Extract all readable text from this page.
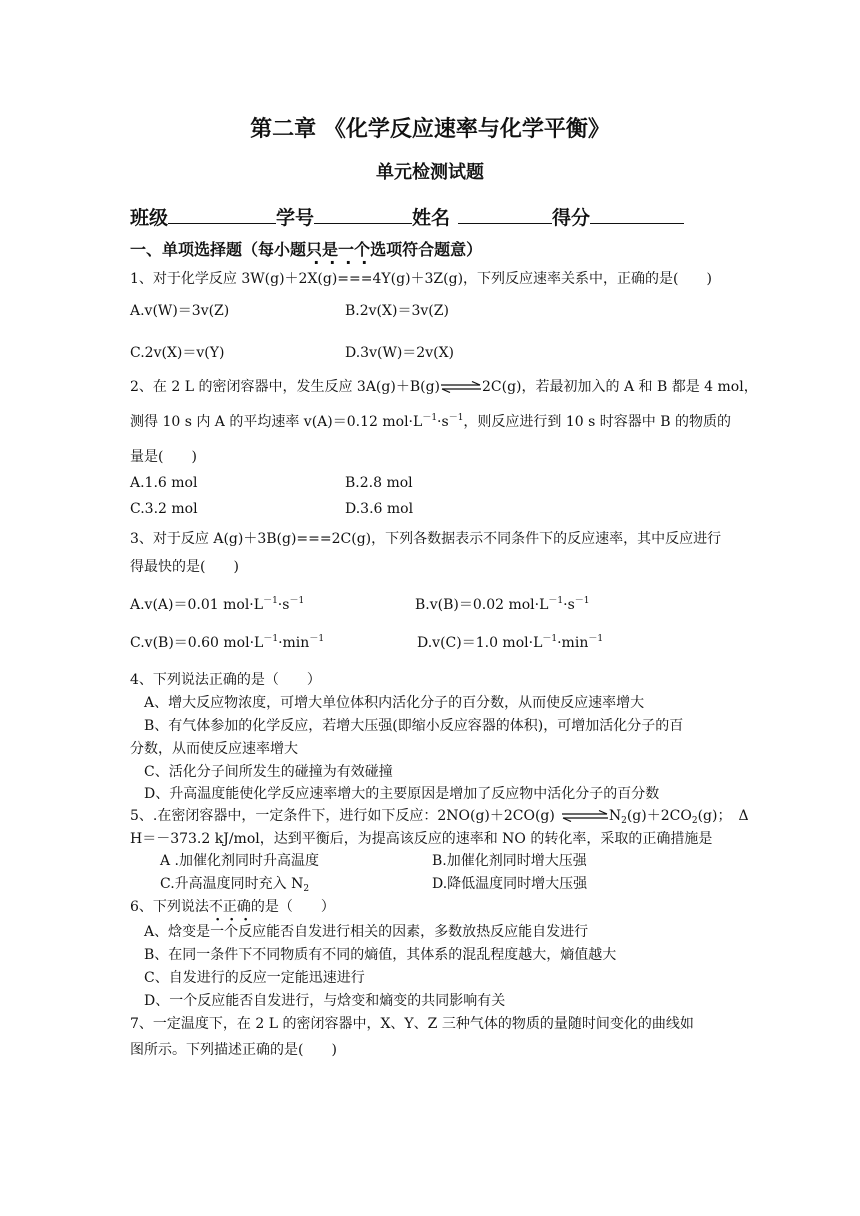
第二章 《化学反应速率与化学平衡》
单元检测试题
班级	学号	姓名	得分
一、单项选择题（每小题只是一个选项符合题意）
1、对于化学反应 3W(g)＋2X(g)===4Y(g)＋3Z(g)，下列反应速率关系中，正确的是(　　)
A.v(W)＝3v(Z)	B.2v(X)＝3v(Z)
C.2v(X)＝v(Y)	D.3v(W)＝2v(X)
2、在 2 L 的密闭容器中，发生反应 3A(g)＋B(g)⇌2C(g)，若最初加入的 A 和 B 都是 4 mol，
测得 10 s 内 A 的平均速率 v(A)＝0.12 $mol\cdot L^{-1}\cdot s^{-1}$，则反应进行到 10 s 时容器中 B 的物质的
量是(　　)
A.1.6 mol	B.2.8 mol
C.3.2 mol	D.3.6 mol
3、对于反应 A(g)＋3B(g)===2C(g)，下列各数据表示不同条件下的反应速率，其中反应进行
得最快的是(　　)
A.v(A)＝0.01 $mol\cdot L^{-1}\cdot s^{-1}$	B.v(B)＝0.02 $mol\cdot L^{-1}\cdot s^{-1}$
C.v(B)＝0.60 $mol\cdot L^{-1}\cdot\min^{-1}$	D.v(C)＝1.0 $mol\cdot L^{-1}\cdot\min^{-1}$
4、下列说法正确的是（　　）
A、增大反应物浓度，可增大单位体积内活化分子的百分数，从而使反应速率增大
B、有气体参加的化学反应，若增大压强(即缩小反应容器的体积)，可增加活化分子的百
分数，从而使反应速率增大
C、活化分子间所发生的碰撞为有效碰撞
D、升高温度能使化学反应速率增大的主要原因是增加了反应物中活化分子的百分数
5、.在密闭容器中，一定条件下，进行如下反应：2NO(g)＋2CO(g) $\rightleftharpoons N_2(g)+2CO_2(g)$；　Δ
H＝－373.2 kJ/mol，达到平衡后，为提高该反应的速率和 NO 的转化率，采取的正确措施是
A .加催化剂同时升高温度	B.加催化剂同时增大压强
C.升高温度同时充入 $N_2$	D.降低温度同时增大压强
6、下列说法不正确的是（　　）
A、焓变是一个反应能否自发进行相关的因素，多数放热反应能自发进行
B、在同一条件下不同物质有不同的熵值，其体系的混乱程度越大，熵值越大
C、自发进行的反应一定能迅速进行
D、一个反应能否自发进行，与焓变和熵变的共同影响有关
7、一定温度下，在 2 L 的密闭容器中，X、Y、Z 三种气体的物质的量随时间变化的曲线如
图所示。下列描述正确的是(　　)
